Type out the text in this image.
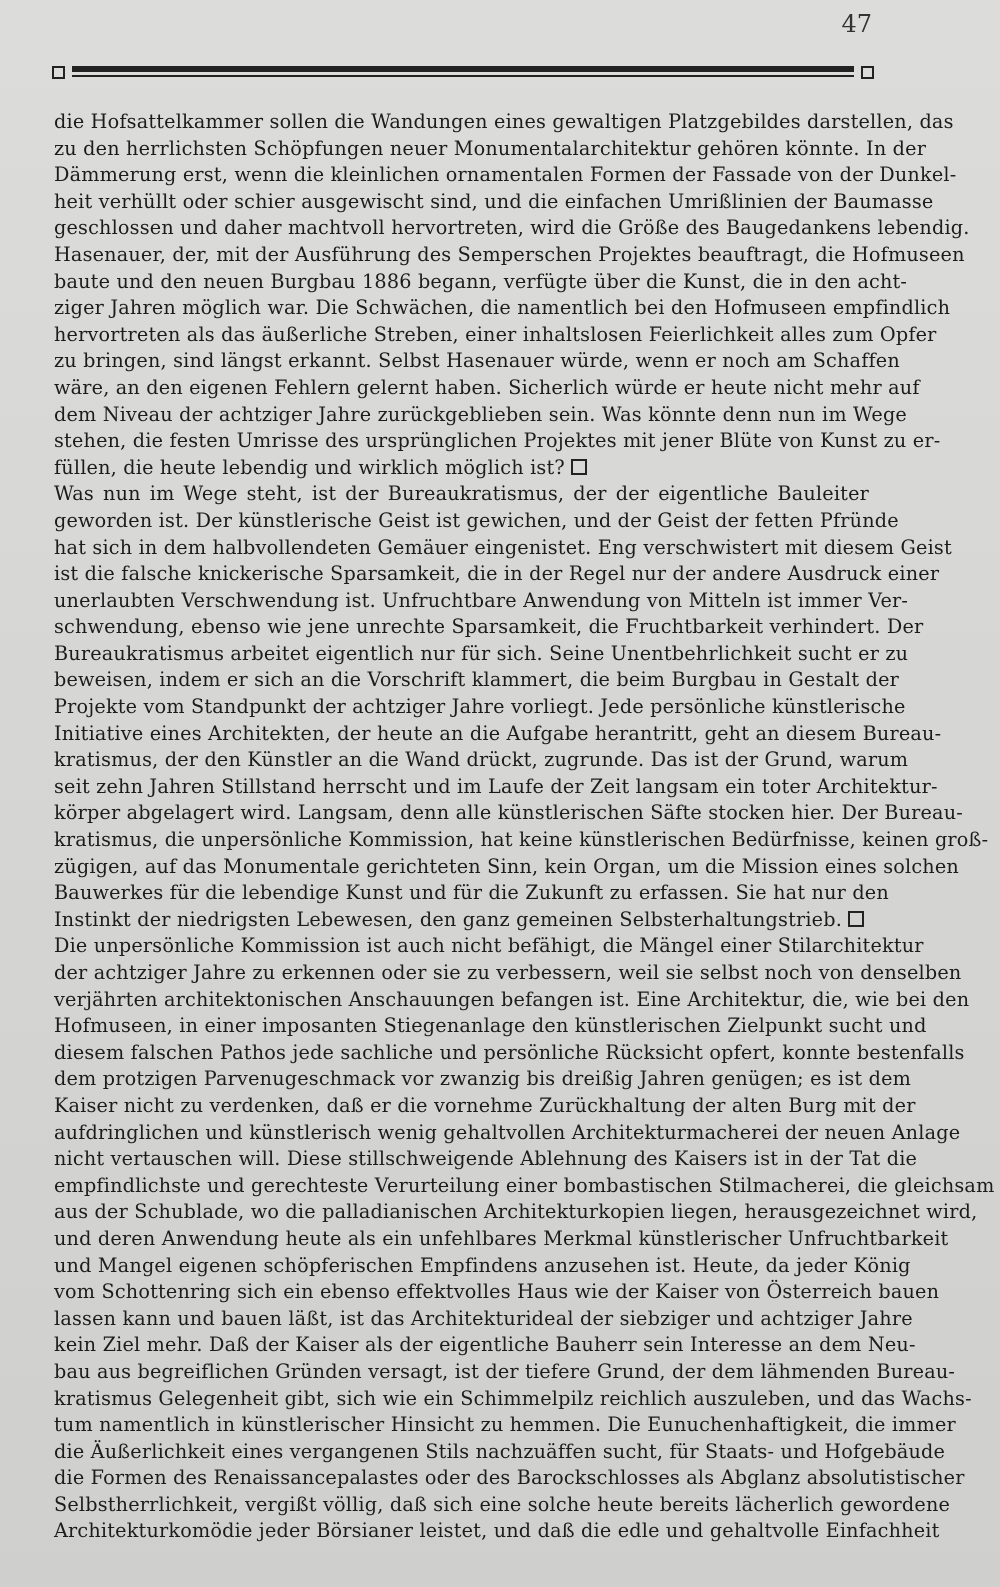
47
die Hofsattelkammer sollen die Wandungen eines gewaltigen Platzgebildes darstellen, das
zu den herrlichsten Schöpfungen neuer Monumentalarchitektur gehören könnte. In der
Dämmerung erst, wenn die kleinlichen ornamentalen Formen der Fassade von der Dunkel-
heit verhüllt oder schier ausgewischt sind, und die einfachen Umrißlinien der Baumasse
geschlossen und daher machtvoll hervortreten, wird die Größe des Baugedankens lebendig.
Hasenauer, der, mit der Ausführung des Semperschen Projektes beauftragt, die Hofmuseen
baute und den neuen Burgbau 1886 begann, verfügte über die Kunst, die in den acht-
ziger Jahren möglich war. Die Schwächen, die namentlich bei den Hofmuseen empfindlich
hervortreten als das äußerliche Streben, einer inhaltslosen Feierlichkeit alles zum Opfer
zu bringen, sind längst erkannt. Selbst Hasenauer würde, wenn er noch am Schaffen
wäre, an den eigenen Fehlern gelernt haben. Sicherlich würde er heute nicht mehr auf
dem Niveau der achtziger Jahre zurückgeblieben sein. Was könnte denn nun im Wege
stehen, die festen Umrisse des ursprünglichen Projektes mit jener Blüte von Kunst zu er-
füllen, die heute lebendig und wirklich möglich ist?
Was nun im Wege steht, ist der Bureaukratismus, der der eigentliche Bauleiter
geworden ist. Der künstlerische Geist ist gewichen, und der Geist der fetten Pfründe
hat sich in dem halbvollendeten Gemäuer eingenistet. Eng verschwistert mit diesem Geist
ist die falsche knickerische Sparsamkeit, die in der Regel nur der andere Ausdruck einer
unerlaubten Verschwendung ist. Unfruchtbare Anwendung von Mitteln ist immer Ver-
schwendung, ebenso wie jene unrechte Sparsamkeit, die Fruchtbarkeit verhindert. Der
Bureaukratismus arbeitet eigentlich nur für sich. Seine Unentbehrlichkeit sucht er zu
beweisen, indem er sich an die Vorschrift klammert, die beim Burgbau in Gestalt der
Projekte vom Standpunkt der achtziger Jahre vorliegt. Jede persönliche künstlerische
Initiative eines Architekten, der heute an die Aufgabe herantritt, geht an diesem Bureau-
kratismus, der den Künstler an die Wand drückt, zugrunde. Das ist der Grund, warum
seit zehn Jahren Stillstand herrscht und im Laufe der Zeit langsam ein toter Architektur-
körper abgelagert wird. Langsam, denn alle künstlerischen Säfte stocken hier. Der Bureau-
kratismus, die unpersönliche Kommission, hat keine künstlerischen Bedürfnisse, keinen groß-
zügigen, auf das Monumentale gerichteten Sinn, kein Organ, um die Mission eines solchen
Bauwerkes für die lebendige Kunst und für die Zukunft zu erfassen. Sie hat nur den
Instinkt der niedrigsten Lebewesen, den ganz gemeinen Selbsterhaltungstrieb.
Die unpersönliche Kommission ist auch nicht befähigt, die Mängel einer Stilarchitektur
der achtziger Jahre zu erkennen oder sie zu verbessern, weil sie selbst noch von denselben
verjährten architektonischen Anschauungen befangen ist. Eine Architektur, die, wie bei den
Hofmuseen, in einer imposanten Stiegenanlage den künstlerischen Zielpunkt sucht und
diesem falschen Pathos jede sachliche und persönliche Rücksicht opfert, konnte bestenfalls
dem protzigen Parvenugeschmack vor zwanzig bis dreißig Jahren genügen; es ist dem
Kaiser nicht zu verdenken, daß er die vornehme Zurückhaltung der alten Burg mit der
aufdringlichen und künstlerisch wenig gehaltvollen Architekturmacherei der neuen Anlage
nicht vertauschen will. Diese stillschweigende Ablehnung des Kaisers ist in der Tat die
empfindlichste und gerechteste Verurteilung einer bombastischen Stilmacherei, die gleichsam
aus der Schublade, wo die palladianischen Architekturkopien liegen, herausgezeichnet wird,
und deren Anwendung heute als ein unfehlbares Merkmal künstlerischer Unfruchtbarkeit
und Mangel eigenen schöpferischen Empfindens anzusehen ist. Heute, da jeder König
vom Schottenring sich ein ebenso effektvolles Haus wie der Kaiser von Österreich bauen
lassen kann und bauen läßt, ist das Architekturideal der siebziger und achtziger Jahre
kein Ziel mehr. Daß der Kaiser als der eigentliche Bauherr sein Interesse an dem Neu-
bau aus begreiflichen Gründen versagt, ist der tiefere Grund, der dem lähmenden Bureau-
kratismus Gelegenheit gibt, sich wie ein Schimmelpilz reichlich auszuleben, und das Wachs-
tum namentlich in künstlerischer Hinsicht zu hemmen. Die Eunuchenhaftigkeit, die immer
die Äußerlichkeit eines vergangenen Stils nachzuäffen sucht, für Staats- und Hofgebäude
die Formen des Renaissancepalastes oder des Barockschlosses als Abglanz absolutistischer
Selbstherrlichkeit, vergißt völlig, daß sich eine solche heute bereits lächerlich gewordene
Architekturkomödie jeder Börsianer leistet, und daß die edle und gehaltvolle Einfachheit
